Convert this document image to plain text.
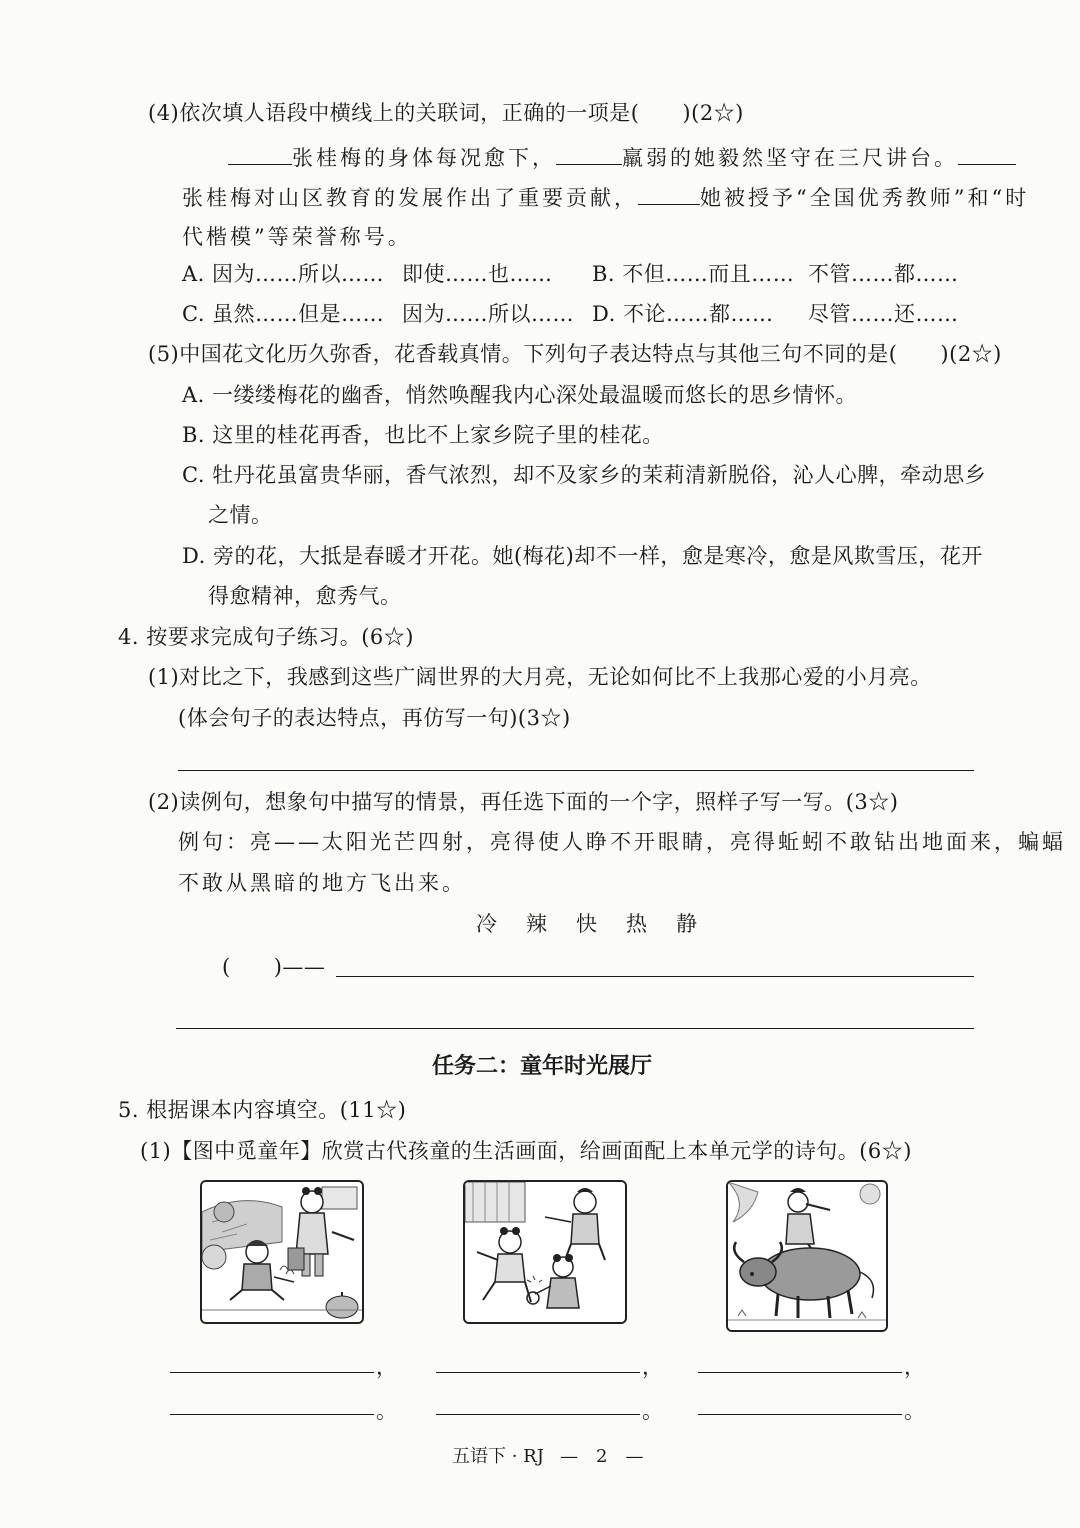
(4)依次填人语段中横线上的关联词，正确的一项是(　　)(2☆)
张桂梅的身体每况愈下，	羸弱的她毅然坚守在三尺讲台。
张桂梅对山区教育的发展作出了重要贡献，	她被授予“全国优秀教师”和“时
代楷模”等荣誉称号。
A. 因为……所以…… 即使……也…… B. 不但……而且…… 不管……都……
C. 虽然……但是…… 因为……所以…… D. 不论……都…… 尽管……还……
(5)中国花文化历久弥香，花香载真情。下列句子表达特点与其他三句不同的是(　　)(2☆)
A. 一缕缕梅花的幽香，悄然唤醒我内心深处最温暖而悠长的思乡情怀。
B. 这里的桂花再香，也比不上家乡院子里的桂花。
C. 牡丹花虽富贵华丽，香气浓烈，却不及家乡的茉莉清新脱俗，沁人心脾，牵动思乡
之情。
D. 旁的花，大抵是春暖才开花。她(梅花)却不一样，愈是寒冷，愈是风欺雪压，花开
得愈精神，愈秀气。
4. 按要求完成句子练习。(6☆)
(1)对比之下，我感到这些广阔世界的大月亮，无论如何比不上我那心爱的小月亮。
(体会句子的表达特点，再仿写一句)(3☆)
(2)读例句，想象句中描写的情景，再任选下面的一个字，照样子写一写。(3☆)
例句：亮——太阳光芒四射，亮得使人睁不开眼睛，亮得蚯蚓不敢钻出地面来，蝙蝠
不敢从黑暗的地方飞出来。
冷　辣　快　热　静
(　　)——
任务二：童年时光展厅
5. 根据课本内容填空。(11☆)
(1)【图中觅童年】欣赏古代孩童的生活画面，给画面配上本单元学的诗句。(6☆)
，
。
，
。
，
。
五语下 · RJ —　2　—
